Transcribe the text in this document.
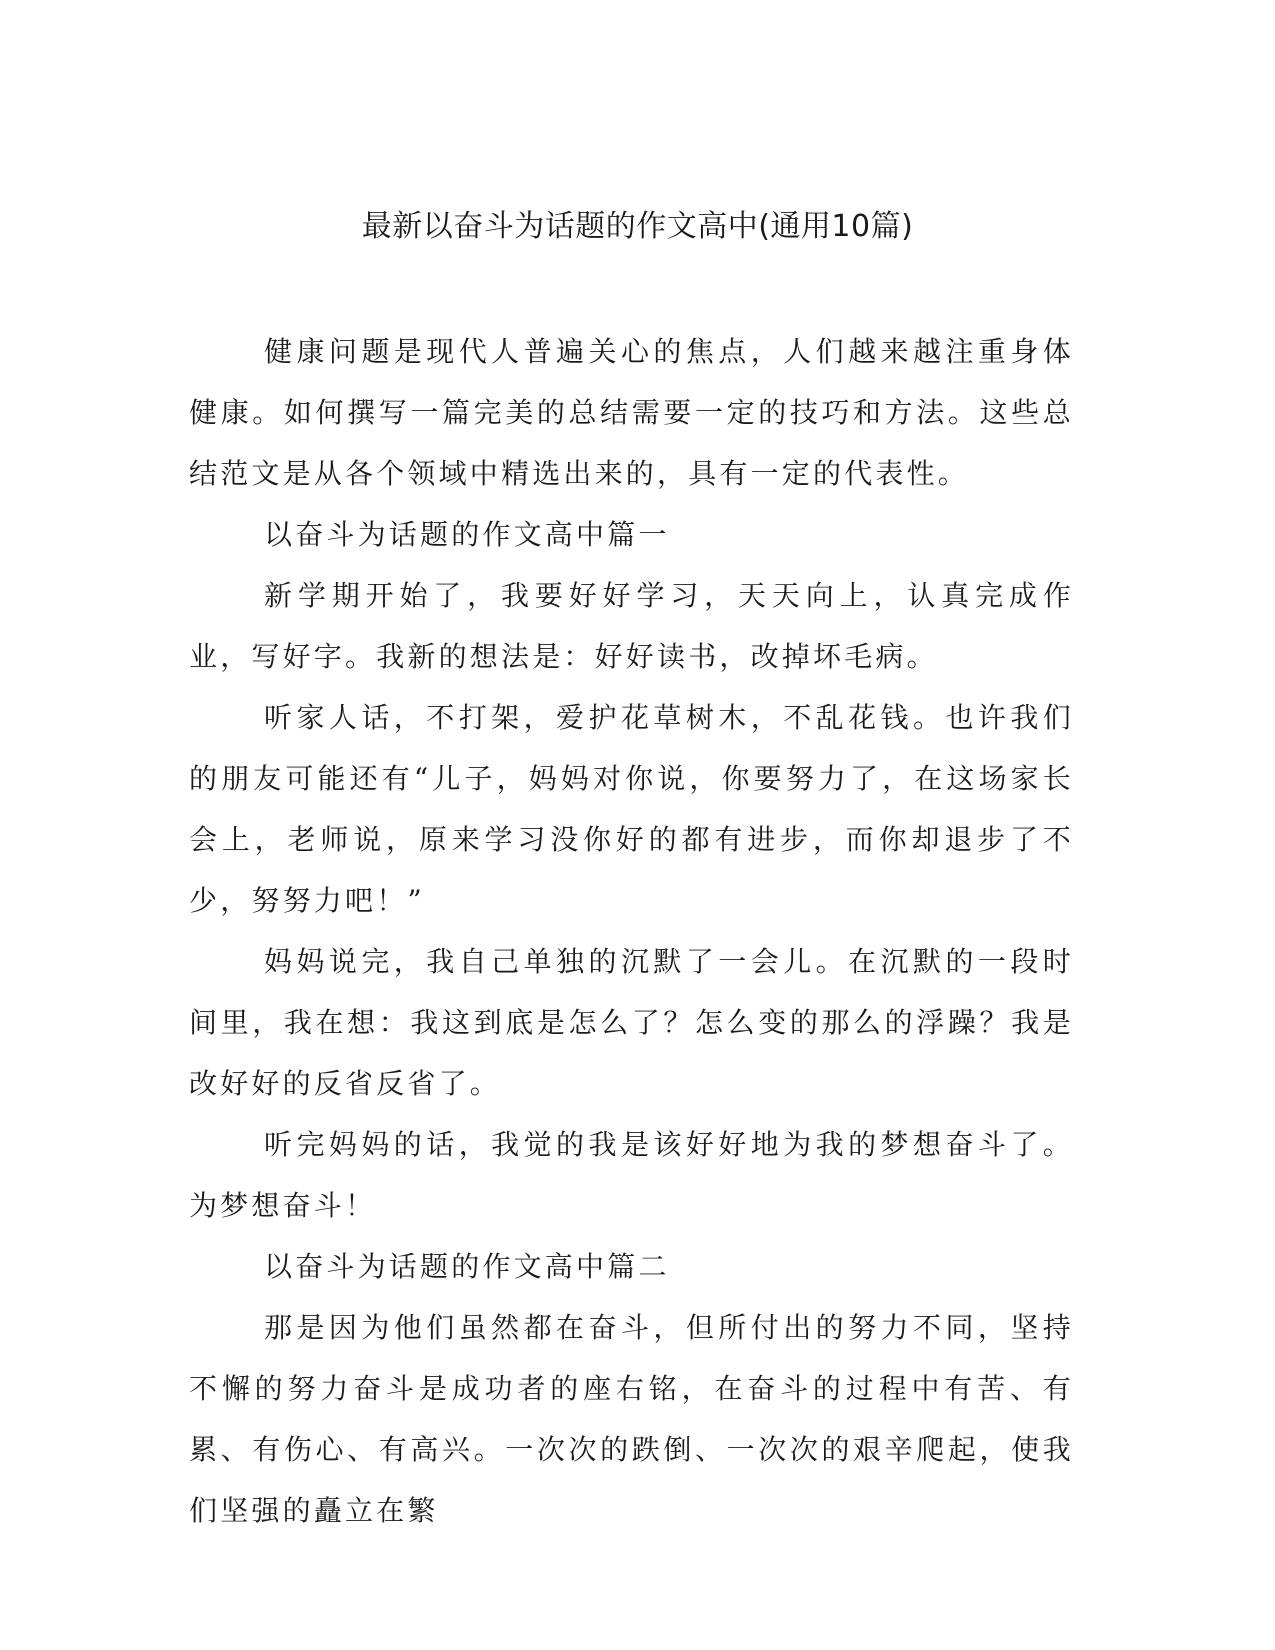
最新以奋斗为话题的作文高中(通用10篇)

健康问题是现代人普遍关心的焦点，人们越来越注重身体健康。如何撰写一篇完美的总结需要一定的技巧和方法。这些总结范文是从各个领域中精选出来的，具有一定的代表性。

以奋斗为话题的作文高中篇一

新学期开始了，我要好好学习，天天向上，认真完成作业，写好字。我新的想法是：好好读书，改掉坏毛病。

听家人话，不打架，爱护花草树木，不乱花钱。也许我们的朋友可能还有“儿子，妈妈对你说，你要努力了，在这场家长会上，老师说，原来学习没你好的都有进步，而你却退步了不少，努努力吧！”

妈妈说完，我自己单独的沉默了一会儿。在沉默的一段时间里，我在想：我这到底是怎么了？怎么变的那么的浮躁？我是改好好的反省反省了。

听完妈妈的话，我觉的我是该好好地为我的梦想奋斗了。为梦想奋斗！

以奋斗为话题的作文高中篇二

那是因为他们虽然都在奋斗，但所付出的努力不同，坚持不懈的努力奋斗是成功者的座右铭，在奋斗的过程中有苦、有累、有伤心、有高兴。一次次的跌倒、一次次的艰辛爬起，使我们坚强的矗立在繁
